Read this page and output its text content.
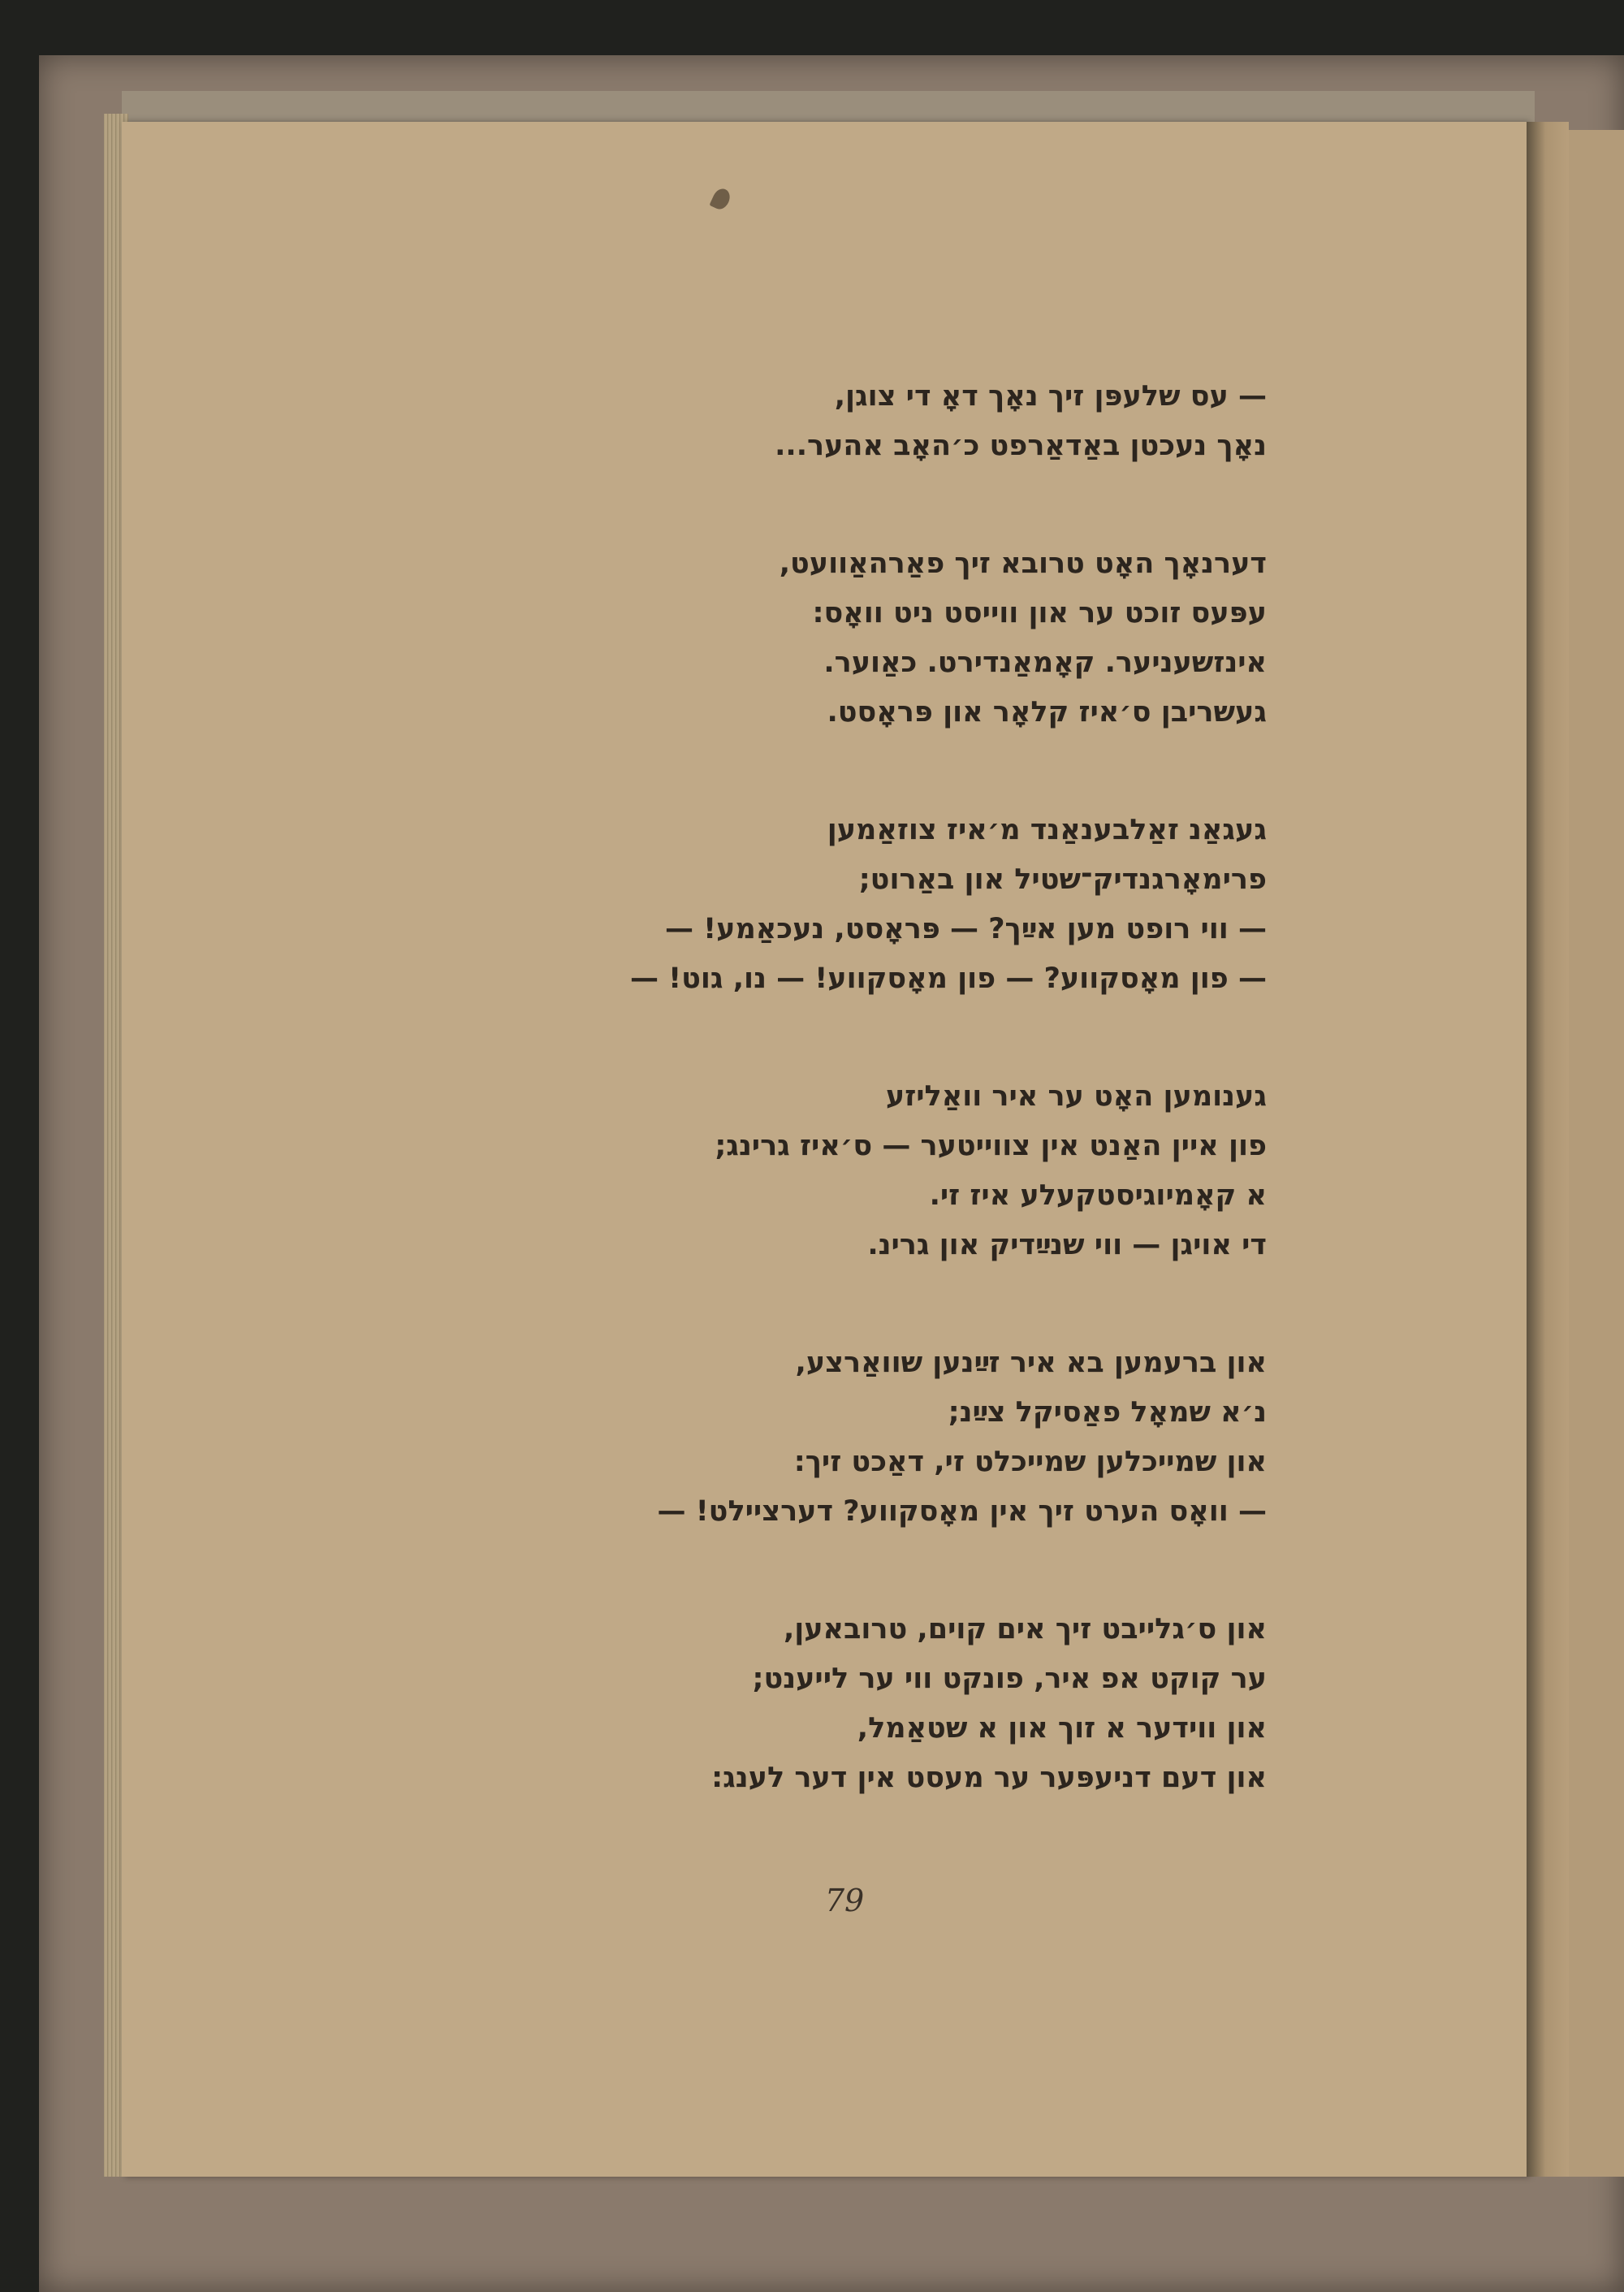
— עס שלעפּן זיך נאָך דאָ די צוגן,
נאָך נעכטן באַדאַרפט כ׳האָב אהער...
דערנאָך האָט טרובא זיך פאַרהאַוועט,
עפּעס זוכט ער און ווייסט ניט וואָס:
אינזשעניער. קאָמאַנדירט. כאַוער.
געשריבן ס׳איז קלאָר און פּראָסט.
געגאַנ זאַלבענאַנד מ׳איז צוזאַמען
פרימאָרגנדיק־שטיל און באַרוט;
— ווי רופט מען אײַך? — פּראָסט, נעכאַמע! —
— פון מאָסקווע? — פון מאָסקווע! — נו, גוט! —
גענומען האָט ער איר וואַליזע
פון איין האַנט אין צווייטער — ס׳איז גרינג;
א קאָמיוגיסטקעלע איז זי.
די אויגן — ווי שנײַדיק און גרינ.
און ברעמען בא איר זײַנען שוואַרצע,
נ׳א שמאָל פאַסיקל צײַנ;
און שמייכלען שמייכלט זי, דאַכט זיך:
— וואָס הערט זיך אין מאָסקווע? דערציילט! —
און ס׳גלייבט זיך אים קוים, טרובאען,
ער קוקט אפ איר, פונקט ווי ער לייענט;
און ווידער א זוך און א שטאַמל,
און דעם דניעפּער ער מעסט אין דער לענג:
79
